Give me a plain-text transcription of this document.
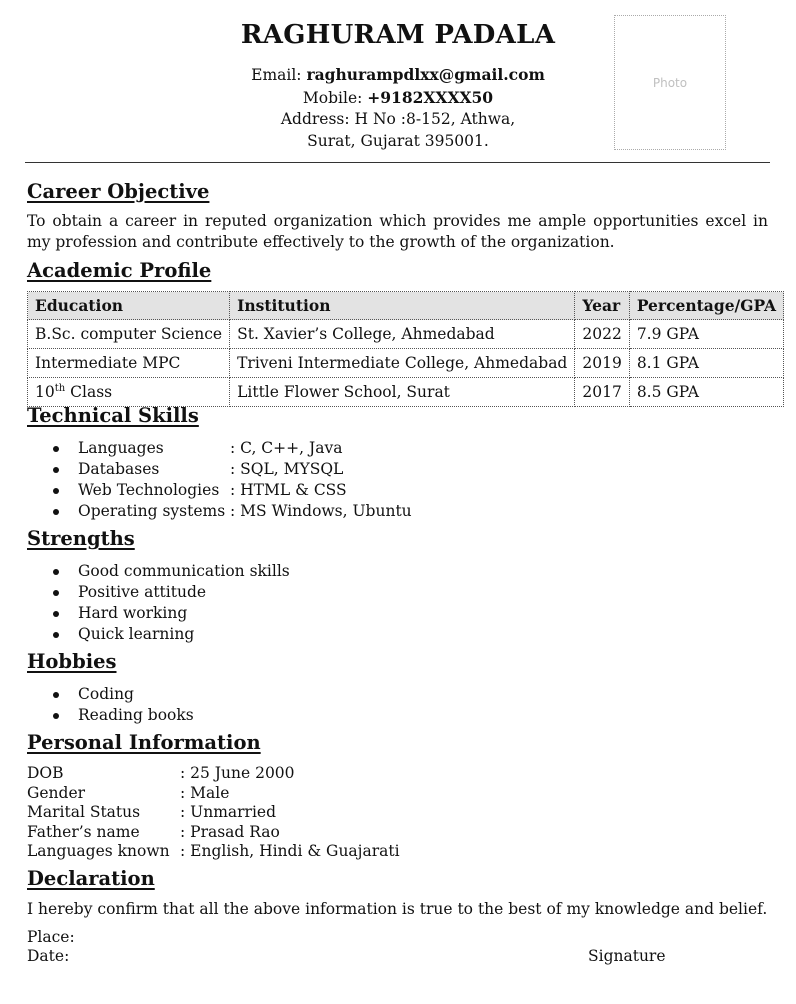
RAGHURAM PADALA
Email: raghurampdlxx@gmail.com
Mobile: +9182XXXX50
Address: H No :8-152, Athwa,
Surat, Gujarat 395001.
Photo
Career Objective
To obtain a career in reputed organization which provides me ample opportunities excel in my profession and contribute effectively to the growth of the organization.
Academic Profile
Education	Institution	Year	Percentage/GPA
B.Sc. computer Science	St. Xavier’s College, Ahmedabad	2022	7.9 GPA
Intermediate MPC	Triveni Intermediate College, Ahmedabad	2019	8.1 GPA
10th Class	Little Flower School, Surat	2017	8.5 GPA
Technical Skills
Languages	: C, C++, Java
Databases	: SQL, MYSQL
Web Technologies : HTML & CSS
Operating systems : MS Windows, Ubuntu
Strengths
Good communication skills
Positive attitude
Hard working
Quick learning
Hobbies
Coding
Reading books
Personal Information
DOB	: 25 June 2000
Gender	: Male
Marital Status	: Unmarried
Father’s name	: Prasad Rao
Languages known : English, Hindi & Guajarati
Declaration
I hereby confirm that all the above information is true to the best of my knowledge and belief.
Place:
Date:	Signature
